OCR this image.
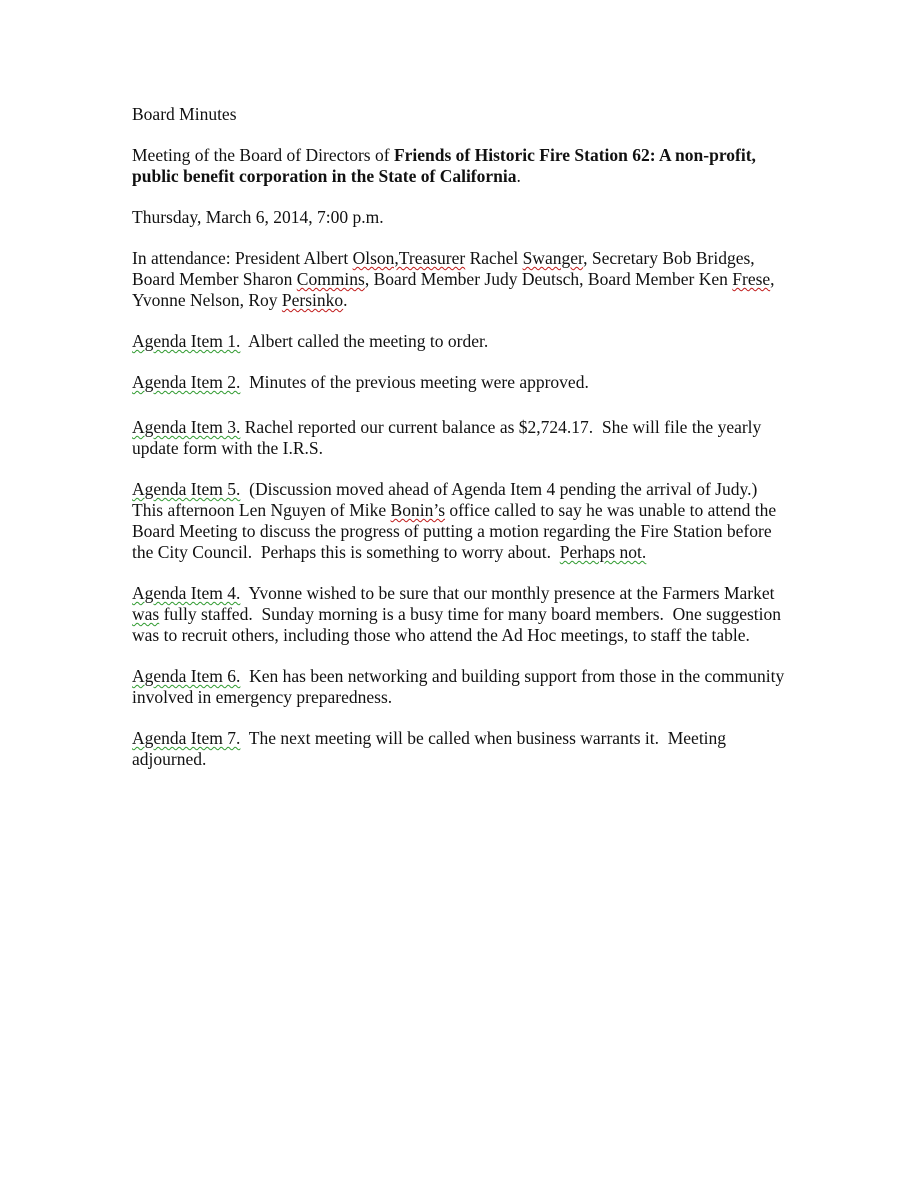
Board Minutes

Meeting of the Board of Directors of Friends of Historic Fire Station 62: A non-profit, public benefit corporation in the State of California.

Thursday, March 6, 2014, 7:00 p.m.

In attendance: President Albert Olson,Treasurer Rachel Swanger, Secretary Bob Bridges, Board Member Sharon Commins, Board Member Judy Deutsch, Board Member Ken Frese, Yvonne Nelson, Roy Persinko.

Agenda Item 1.  Albert called the meeting to order.

Agenda Item 2.  Minutes of the previous meeting were approved.

Agenda Item 3. Rachel reported our current balance as $2,724.17.  She will file the yearly update form with the I.R.S.

Agenda Item 5.  (Discussion moved ahead of Agenda Item 4 pending the arrival of Judy.) This afternoon Len Nguyen of Mike Bonin’s office called to say he was unable to attend the Board Meeting to discuss the progress of putting a motion regarding the Fire Station before the City Council.  Perhaps this is something to worry about.  Perhaps not.

Agenda Item 4.  Yvonne wished to be sure that our monthly presence at the Farmers Market was fully staffed.  Sunday morning is a busy time for many board members.  One suggestion was to recruit others, including those who attend the Ad Hoc meetings, to staff the table.

Agenda Item 6.  Ken has been networking and building support from those in the community involved in emergency preparedness.

Agenda Item 7.  The next meeting will be called when business warrants it.  Meeting adjourned.
